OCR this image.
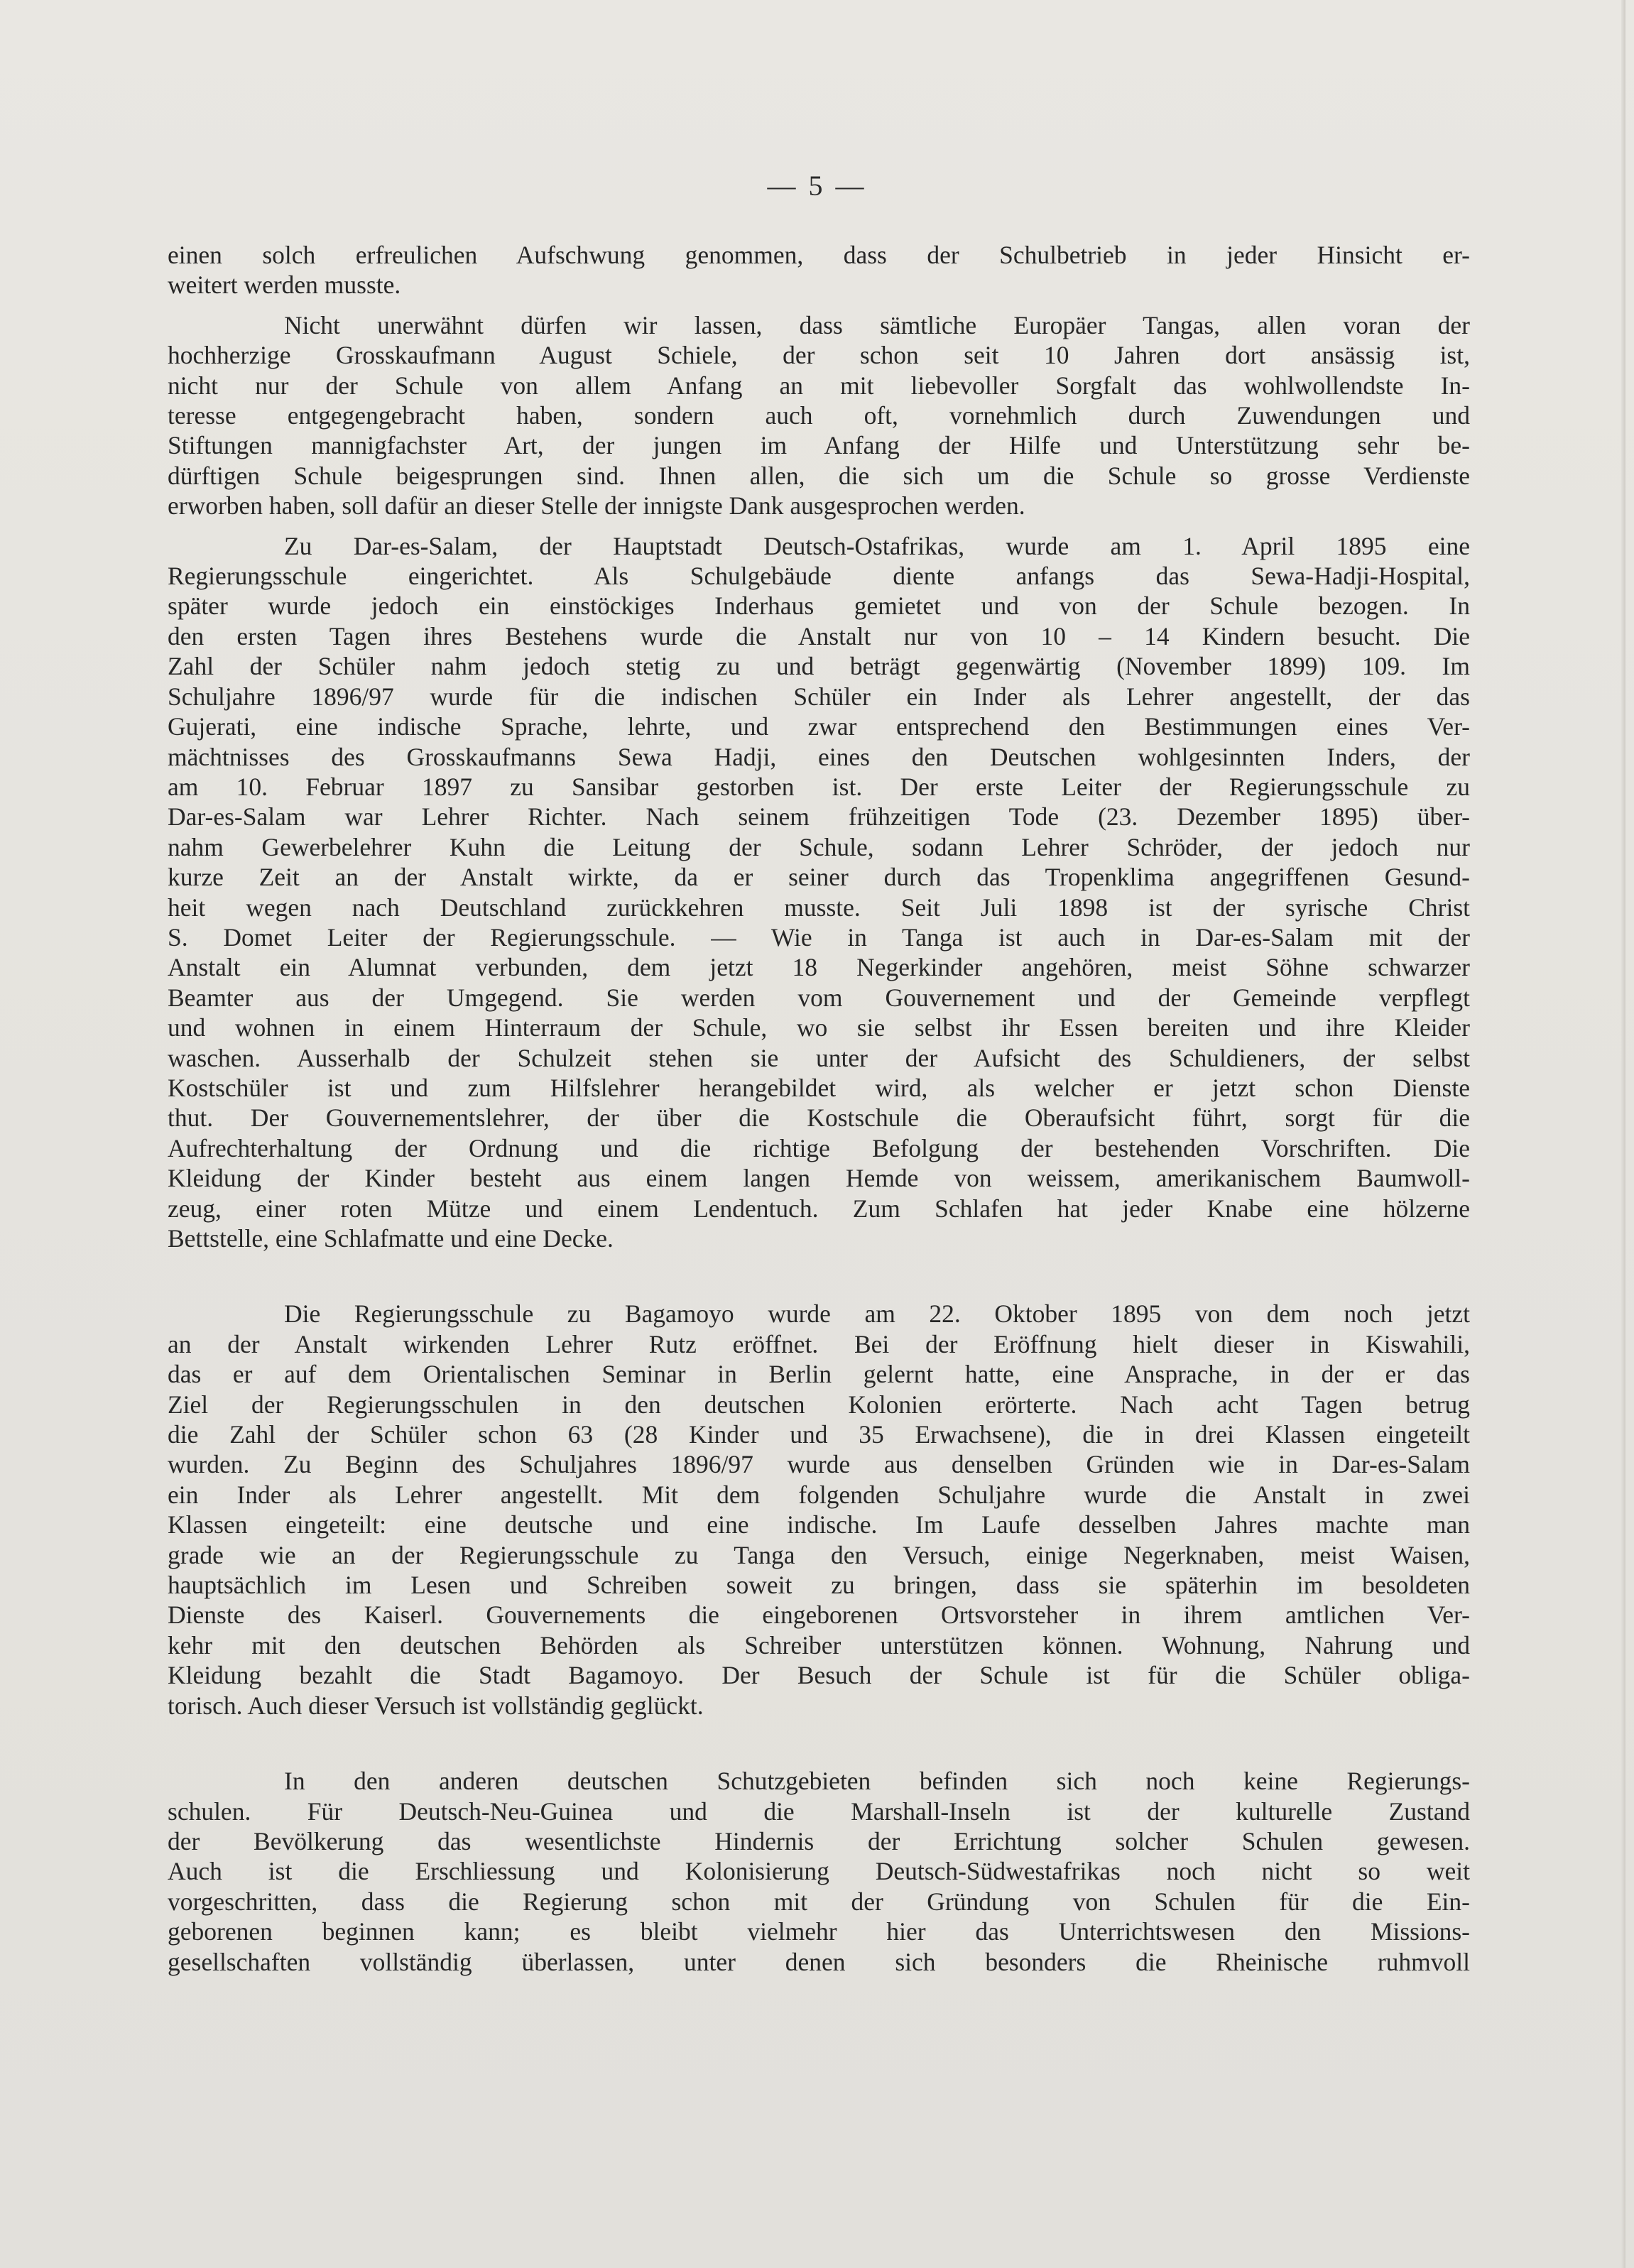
— 5 —

einen solch erfreulichen Aufschwung genommen, dass der Schulbetrieb in jeder Hinsicht er-
weitert werden musste.

Nicht unerwähnt dürfen wir lassen, dass sämtliche Europäer Tangas, allen voran der
hochherzige Grosskaufmann August Schiele, der schon seit 10 Jahren dort ansässig ist,
nicht nur der Schule von allem Anfang an mit liebevoller Sorgfalt das wohlwollendste In-
teresse entgegengebracht haben, sondern auch oft, vornehmlich durch Zuwendungen und
Stiftungen mannigfachster Art, der jungen im Anfang der Hilfe und Unterstützung sehr be-
dürftigen Schule beigesprungen sind. Ihnen allen, die sich um die Schule so grosse Verdienste
erworben haben, soll dafür an dieser Stelle der innigste Dank ausgesprochen werden.

Zu Dar-es-Salam, der Hauptstadt Deutsch-Ostafrikas, wurde am 1. April 1895 eine
Regierungsschule eingerichtet. Als Schulgebäude diente anfangs das Sewa-Hadji-Hospital,
später wurde jedoch ein einstöckiges Inderhaus gemietet und von der Schule bezogen. In
den ersten Tagen ihres Bestehens wurde die Anstalt nur von 10 – 14 Kindern besucht. Die
Zahl der Schüler nahm jedoch stetig zu und beträgt gegenwärtig (November 1899) 109. Im
Schuljahre 1896/97 wurde für die indischen Schüler ein Inder als Lehrer angestellt, der das
Gujerati, eine indische Sprache, lehrte, und zwar entsprechend den Bestimmungen eines Ver-
mächtnisses des Grosskaufmanns Sewa Hadji, eines den Deutschen wohlgesinnten Inders, der
am 10. Februar 1897 zu Sansibar gestorben ist. Der erste Leiter der Regierungsschule zu
Dar-es-Salam war Lehrer Richter. Nach seinem frühzeitigen Tode (23. Dezember 1895) über-
nahm Gewerbelehrer Kuhn die Leitung der Schule, sodann Lehrer Schröder, der jedoch nur
kurze Zeit an der Anstalt wirkte, da er seiner durch das Tropenklima angegriffenen Gesund-
heit wegen nach Deutschland zurückkehren musste. Seit Juli 1898 ist der syrische Christ
S. Domet Leiter der Regierungsschule. — Wie in Tanga ist auch in Dar-es-Salam mit der
Anstalt ein Alumnat verbunden, dem jetzt 18 Negerkinder angehören, meist Söhne schwarzer
Beamter aus der Umgegend. Sie werden vom Gouvernement und der Gemeinde verpflegt
und wohnen in einem Hinterraum der Schule, wo sie selbst ihr Essen bereiten und ihre Kleider
waschen. Ausserhalb der Schulzeit stehen sie unter der Aufsicht des Schuldieners, der selbst
Kostschüler ist und zum Hilfslehrer herangebildet wird, als welcher er jetzt schon Dienste
thut. Der Gouvernementslehrer, der über die Kostschule die Oberaufsicht führt, sorgt für die
Aufrechterhaltung der Ordnung und die richtige Befolgung der bestehenden Vorschriften. Die
Kleidung der Kinder besteht aus einem langen Hemde von weissem, amerikanischem Baumwoll-
zeug, einer roten Mütze und einem Lendentuch. Zum Schlafen hat jeder Knabe eine hölzerne
Bettstelle, eine Schlafmatte und eine Decke.

Die Regierungsschule zu Bagamoyo wurde am 22. Oktober 1895 von dem noch jetzt
an der Anstalt wirkenden Lehrer Rutz eröffnet. Bei der Eröffnung hielt dieser in Kiswahili,
das er auf dem Orientalischen Seminar in Berlin gelernt hatte, eine Ansprache, in der er das
Ziel der Regierungsschulen in den deutschen Kolonien erörterte. Nach acht Tagen betrug
die Zahl der Schüler schon 63 (28 Kinder und 35 Erwachsene), die in drei Klassen eingeteilt
wurden. Zu Beginn des Schuljahres 1896/97 wurde aus denselben Gründen wie in Dar-es-Salam
ein Inder als Lehrer angestellt. Mit dem folgenden Schuljahre wurde die Anstalt in zwei
Klassen eingeteilt: eine deutsche und eine indische. Im Laufe desselben Jahres machte man
grade wie an der Regierungsschule zu Tanga den Versuch, einige Negerknaben, meist Waisen,
hauptsächlich im Lesen und Schreiben soweit zu bringen, dass sie späterhin im besoldeten
Dienste des Kaiserl. Gouvernements die eingeborenen Ortsvorsteher in ihrem amtlichen Ver-
kehr mit den deutschen Behörden als Schreiber unterstützen können. Wohnung, Nahrung und
Kleidung bezahlt die Stadt Bagamoyo. Der Besuch der Schule ist für die Schüler obliga-
torisch. Auch dieser Versuch ist vollständig geglückt.

In den anderen deutschen Schutzgebieten befinden sich noch keine Regierungs-
schulen. Für Deutsch-Neu-Guinea und die Marshall-Inseln ist der kulturelle Zustand
der Bevölkerung das wesentlichste Hindernis der Errichtung solcher Schulen gewesen.
Auch ist die Erschliessung und Kolonisierung Deutsch-Südwestafrikas noch nicht so weit
vorgeschritten, dass die Regierung schon mit der Gründung von Schulen für die Ein-
geborenen beginnen kann; es bleibt vielmehr hier das Unterrichtswesen den Missions-
gesellschaften vollständig überlassen, unter denen sich besonders die Rheinische ruhmvoll
